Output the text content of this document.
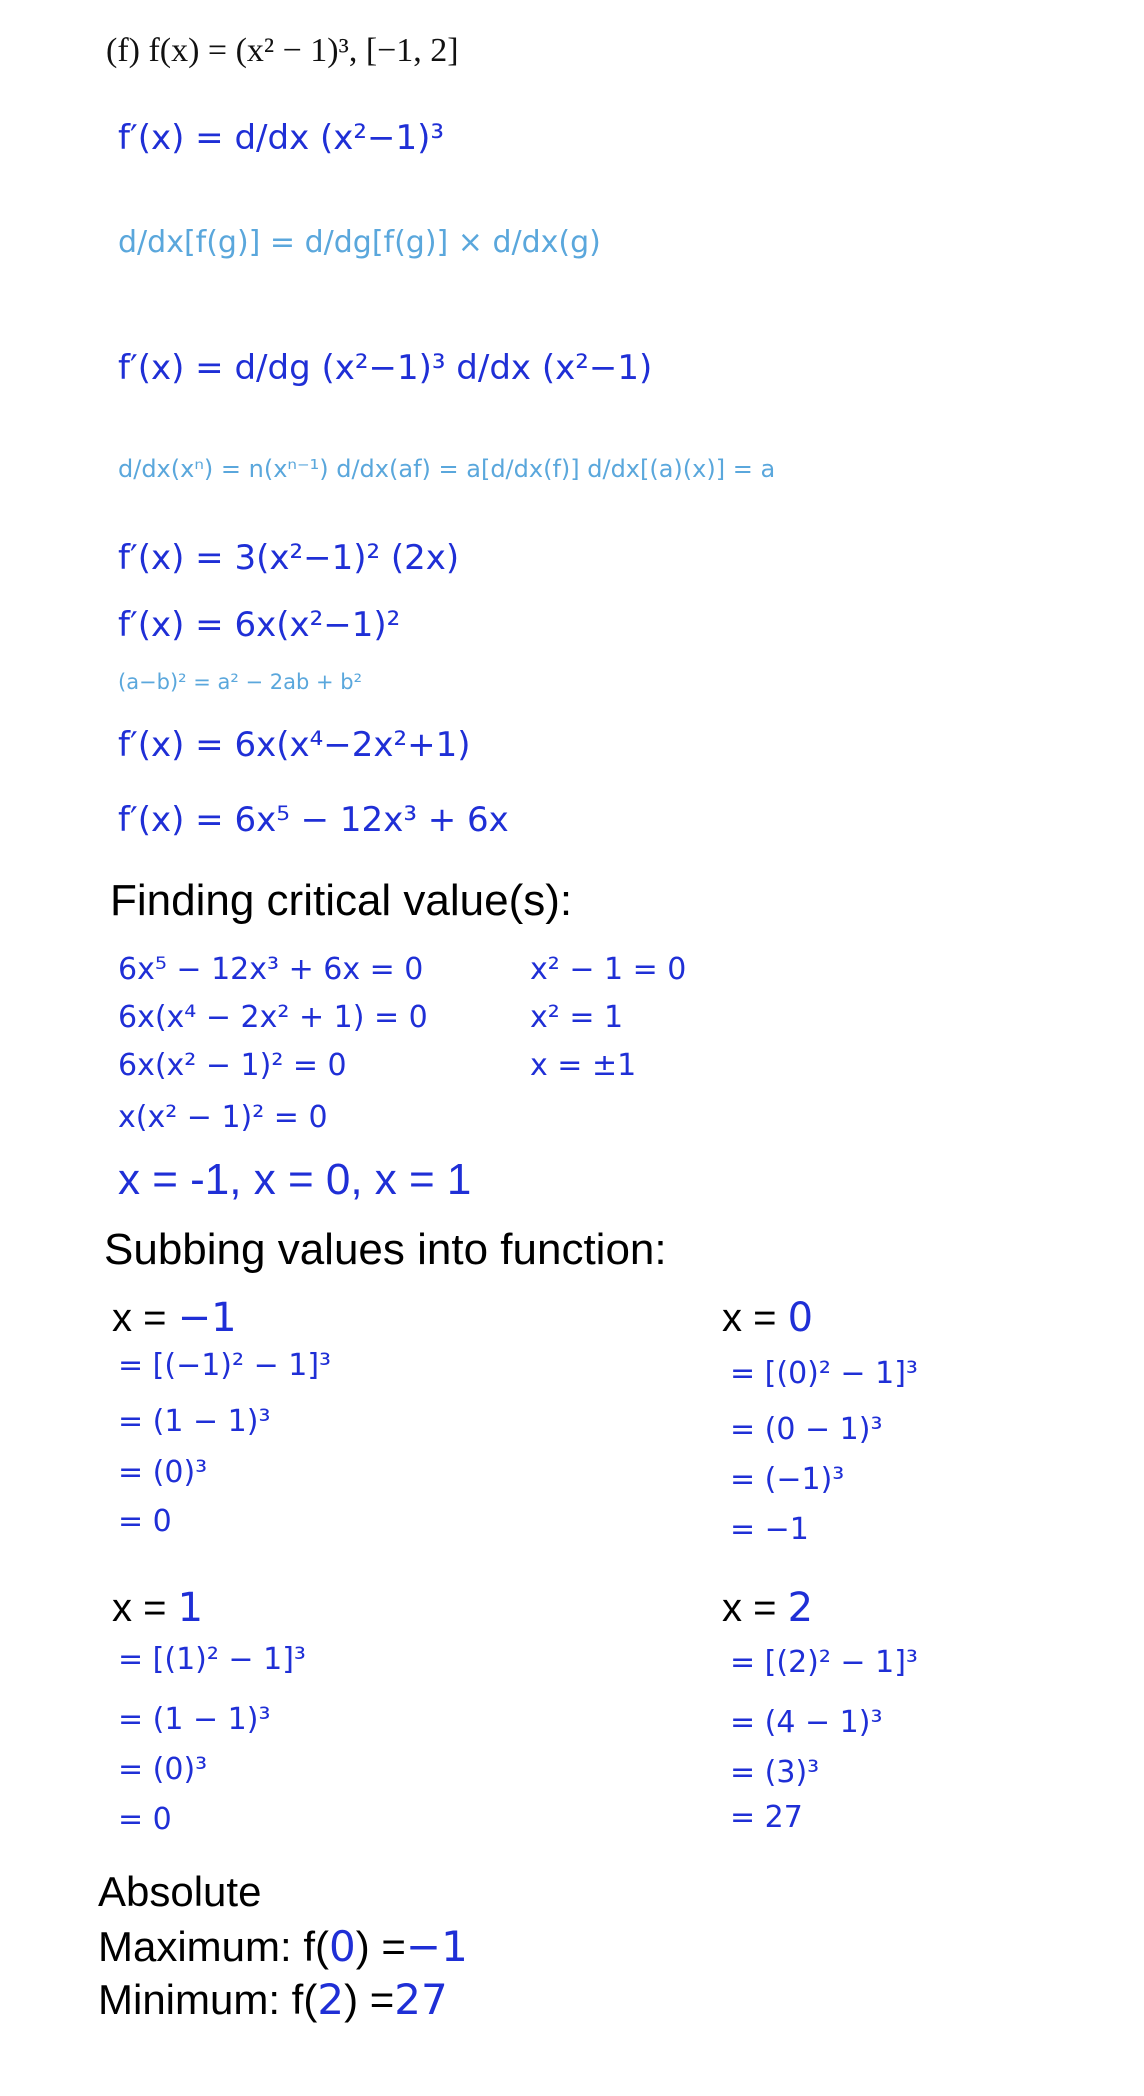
(f) f(x) = (x² − 1)³, [−1, 2]
f′(x) = d/dx (x²−1)³
d/dx[f(g)] = d/dg[f(g)] × d/dx(g)
f′(x) = d/dg (x²−1)³ d/dx (x²−1)
d/dx(xⁿ) = n(xⁿ⁻¹) d/dx(af) = a[d/dx(f)] d/dx[(a)(x)] = a
f′(x) = 3(x²−1)² (2x)
f′(x) = 6x(x²−1)²
(a−b)² = a² − 2ab + b²
f′(x) = 6x(x⁴−2x²+1)
f′(x) = 6x⁵ − 12x³ + 6x
Finding critical value(s):
6x⁵ − 12x³ + 6x = 0
6x(x⁴ − 2x² + 1) = 0
6x(x² − 1)² = 0
x(x² − 1)² = 0
x² − 1 = 0
x² = 1
x = ±1
x = -1, x = 0, x = 1
Subbing values into function:
x = −1
= [(−1)² − 1]³
= (1 − 1)³
= (0)³
= 0
x = 0
= [(0)² − 1]³
= (0 − 1)³
= (−1)³
= −1
x = 1
= [(1)² − 1]³
= (1 − 1)³
= (0)³
= 0
x = 2
= [(2)² − 1]³
= (4 − 1)³
= (3)³
= 27
Absolute
Maximum: f(0) =−1
Minimum: f(2) =27
